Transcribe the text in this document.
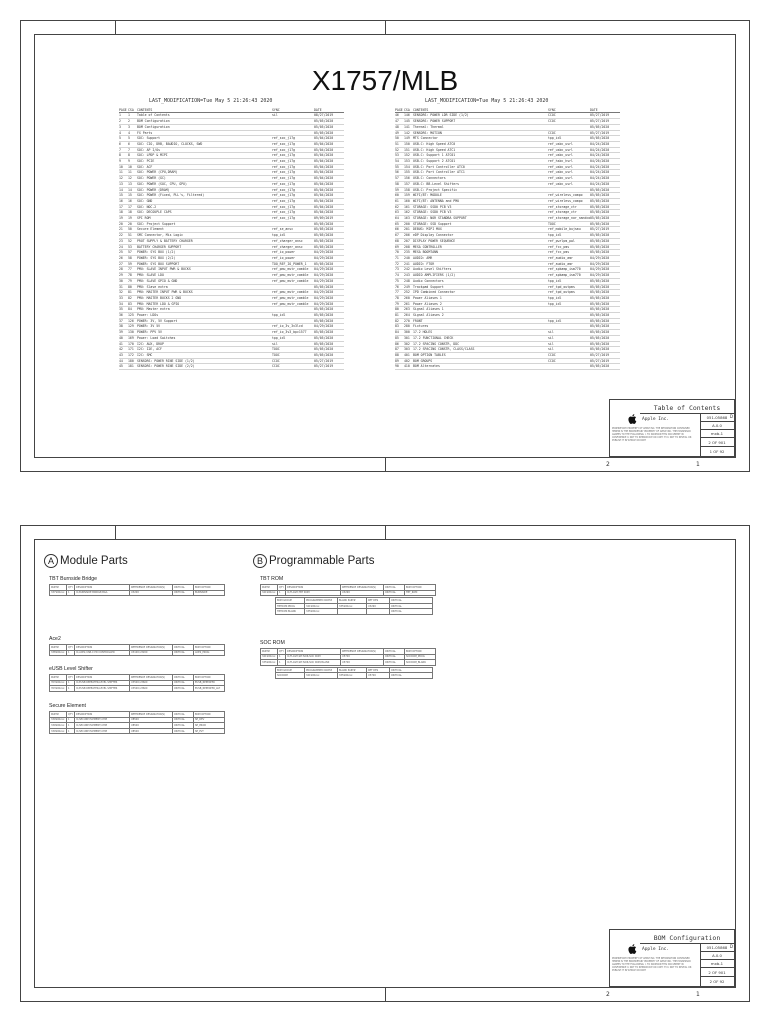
2	1
X1757/MLB
LAST_MODIFICATION=Tue May 5 21:26:43 2020
PAGE CSA	CONTENTS	SYNC	DATE
1	1	Table of Contents	sil	08/27/2019
2	2	BOM Configuration	05/05/2020
3	3	BOM Configuration	05/05/2020
4	4	FX Parts	05/05/2020
5	5	SOC: Support	ref_soc_j17g	05/04/2020
6	6	SOC: CIO, DRB, BAUDIO, CLOCKS, SWD	ref_soc_j17g	05/04/2020
7	7	SOC: AP I/Os	ref_soc_j17g	05/04/2020
8	8	SOC: LPDP & MIPI	ref_soc_j17g	05/04/2020
9	9	SOC: PCIE	ref_soc_j17g	05/04/2020
10	10	SOC: ACF	ref_soc_j17g	05/04/2020
11	11	SOC: POWER (CPU,DRAM)	ref_soc_j17g	05/04/2020
12	12	SOC: POWER (GC)	ref_soc_j17g	05/04/2020
13	13	SOC: POWER (SOC, CPU, GPU)	ref_soc_j17g	05/04/2020
14	14	SOC: POWER (DRAM)	ref_soc_j17g	05/04/2020
15	15	SOC: POWER (Fixed, PLL's, Filtered)	ref_soc_j17g	05/04/2020
16	16	SOC: GND	ref_soc_j17g	05/04/2020
17	17	SOC: NOC-2	ref_soc_j17g	05/04/2020
18	18	SOC: DECOUPLE CAPS	ref_soc_j17g	05/04/2020
19	19	SPI ROM	ref_soc_j17g	09/09/2019
20	20	SOC: Project Support	05/05/2020
21	50	Secure Element	ref_se_ansc	05/05/2020
22	51	SMC Connector, Mis Logic	tpp_idl	05/05/2020
23	52	PROT SUPPLY & BATTERY CHARGER	ref_charger_ansc	05/05/2020
24	53	BATTERY CHARGER SUPPORT	ref_charger_ansc	05/05/2020
25	57	POWER: SYS BUX (1/2)	ref_io_power	04/29/2020
26	58	POWER: SYS BUX (2/2)	ref_io_power	04/29/2020
27	59	POWER: SYS BUX SUPPORT	TOO_REF_IO_POWER_1	05/05/2020
28	77	PMU: SLAVE INPUT PWR & BUCKS	ref_pmu_mstr_comble	04/29/2020
29	78	PMU: SLAVE LDO	ref_pmu_mstr_comble	04/29/2020
30	79	PMU: SLAVE GPIO & GND	ref_pmu_mstr_comble	04/29/2020
31	80	PMU: Slave extra	05/05/2020
32	81	PMU: MASTER INPUT PWR & BUCKS	ref_pmu_mstr_comble	04/29/2020
33	82	PMU: MASTER BUCKS 2 GND	ref_pmu_mstr_comble	04/29/2020
34	83	PMU: MASTER LDO & GPIO	ref_pmu_mstr_comble	04/29/2020
35	84	PMU: Master extra	05/05/2020
36	125	Power: LDOs	tpp_idl	05/05/2020
37	126	POWER: 3V, 5V Support	05/05/2020
38	129	POWER: 3V 5V	ref_io_3v_3v3lcd	04/29/2020
39	130	POWER: PPV 5V	ref_io_3v3_bpc1577	05/05/2020
40	169	Power: Load Switches	tpp_idl	05/05/2020
41	170	I2C: AUX, DROP	sil	05/05/2020
42	171	I2C: I2E, ACF	TOOC	05/05/2020
43	172	I2C: SMC	TOOC	05/05/2020
44	180	SENSORS: POWER RINE SIDE (1/2)	CCOC	05/27/2019
45	181	SENSORS: POWER RINE SIDE (2/2)	CCOC	05/27/2019
LAST_MODIFICATION=Tue May 5 21:26:43 2020
PAGE CSA	CONTENTS	SYNC	DATE
46	146	SENSORS: POWER LDR SIDE (1/2)	CCOC	05/27/2019
47	145	SENSORS: POWER SUPPORT	CCOC	05/27/2019
48	141	Thermal: Thermal	05/05/2020
49	142	SENSORS: MOTION	CCOC	05/27/2019
50	149	MTS Connector	tpp_idl	05/05/2020
51	150	USB-C: High Speed ATC0	ref_usbc_usrl	04/24/2020
52	151	USB-C: High Speed ATC1	ref_usbc_usrl	04/24/2020
53	152	USB-C: Support 1 ATC01	ref_usbc_usrl	04/24/2020
54	153	USB-C: Support 2 ATC01	ref_hsbc_hsrl	04/26/2020
55	154	USB-C: Port Controller ATC0	ref_usbc_usrl	04/24/2020
56	155	USB-C: Port Controller ATC1	ref_usbc_usrl	04/24/2020
57	156	USB-C: Connectors	ref_usbc_usrl	04/24/2020
58	157	USB-C: BB-Level Shifters	ref_usbc_usrl	04/24/2020
59	158	USB-C: Project Specific	05/05/2020
60	159	WIFI/BT: MODULE	ref_wireless_compo	05/05/2020
61	160	WIFI/BT: ANTENNA and PMU	ref_wireless_compo	05/05/2020
62	161	STORAGE: SSD0 PCB V3	ref_storage_ctr	05/05/2020
63	162	STORAGE: SSD0 PCB V3	ref_storage_ctr	05/05/2020
64	163	STORAGE: NOR STANDBA SUPPORT	ref_storage_nor_nandco 05/05/2020
65	200	STORAGE: SSD Support	TOOC	05/05/2020
66	201	DEBUG: MIPI MUX	ref_mobile_bujsmu	05/27/2019
67	206	eDP Display Connector	tpp_idl	05/05/2020
68	207	DISPLAY POWER SEQUENCE	ref_pwrlpm_pwl	05/05/2020
69	208	MESA CONTROLLER	ref_fcc_pms	05/05/2020
70	235	MESA BOOMTANN	ref_fcc_pms	05/05/2020
71	240	AUDIO: AMR	ref_audio_amr	04/29/2020
72	241	AUDIO: FTOR	ref_audio_amr	04/29/2020
73	242	Audio Level Shifters	ref_spkamp_ism770	04/29/2020
74	243	AUDIO AMPLIFIERS (1/2)	ref_spkamp_ism770	04/29/2020
75	248	Audio Connectors	tpp_idl	05/05/2020
76	249	Trackpad Support	ref_tpd_outpms	05/05/2020
77	252	IPD Combined Connector	ref_tpd_outpms	05/05/2020
78	260	Power Aliases 1	tpp_idl	05/05/2020
79	261	Power Aliases 2	tpp_idl	05/05/2020
80	263	Signal Aliases 1	05/05/2020
81	264	Signal Aliases 2	05/05/2020
82	270	FRONT	tpp_idl	05/05/2020
83	280	Fixtures	05/05/2020
84	300	17.2 HOLES	sil	05/05/2020
85	301	17.2 FUNCTIONAL CHECK	sil	05/05/2020
86	302	17.2 SPACING CONSTR, DDC	sil	05/05/2020
87	303	17.2 SPACING CONSTR, CLASS/CLASS	sil	05/05/2020
88	401	BOM OPTION TABLES	CCOC	05/27/2019
89	402	BOM GROUPS	CCOC	05/27/2019
90	410	BOM Alternates	05/05/2020

Table of Contents
Apple Inc.
PROPRIETARY PROPERTY OF APPLE INC. THE INFORMATION CONTAINED HEREIN IS THE PROPRIETARY PROPERTY OF APPLE INC. THE POSSESSOR AGREES TO THE FOLLOWING: I. TO MAINTAIN THIS DOCUMENT IN CONFIDENCE II. NOT TO REPRODUCE OR COPY IT III. NOT TO REVEAL OR PUBLISH IT IN WHOLE OR PART
051-05868
A.0.0
mxb-1
2 OF 901
1 OF 92
D
2	1
A Module Parts	B Programmable Parts
TBT Burnside Bridge
PART#	QTY	DESCRIPTION	REFERENCE DESIGNATOR(S)	CRITICAL	BOM OPTION
337S00xxx	1	IC,BURNSIDE BRIDGE,BGA	U3200	CRITICAL	BURNSIDE
Ace2
PART#	QTY	DESCRIPTION	REFERENCE DESIGNATOR(S)	CRITICAL	BOM OPTION
338S00xxx	1	IC,ACE2,USB-C PD CONTROLLER	U3100,U3200	CRITICAL	ACE2_PROG
eUSB Level Shifter
PART#	QTY	DESCRIPTION	REFERENCE DESIGNATOR(S)	CRITICAL	BOM OPTION
353S00xxx	1	IC,EUSB REPEATER,LEVEL SHIFTER	U3500,U3600	CRITICAL	EUSB_REPEATER
353S00xxx	1	IC,EUSB REPEATER,LEVEL SHIFTER	U3500,U3600	CRITICAL	EUSB_REPEATER_ALT
Secure Element
PART#	QTY	DESCRIPTION	REFERENCE DESIGNATOR(S)	CRITICAL	BOM OPTION
339S00xxx	1	IC,SECURE ELEMENT,CHIP	U8500	CRITICAL	SE_DEV
339S00xxx	1	IC,SECURE ELEMENT,CHIP	U8500	CRITICAL	SE_PROD
339S00xxx	1	IC,SECURE ELEMENT,CHIP	U8500	CRITICAL	SE_PVT
TBT ROM
PART#	QTY	DESCRIPTION	REFERENCE DESIGNATOR(S)	CRITICAL	BOM OPTION
341S00xxx	1	IC,FLASH,TBT ROM	U3290	CRITICAL	TBT_ROM
BOM GROUP	PROGRAMMED PART#	BLANK PART#	REF DES	CRITICAL
TBTROM:PROG	341S00xxx	335S00xxx	U3290	CRITICAL
TBTROM:BLANK	335S00xxx			CRITICAL
SOC ROM
PART#	QTY	DESCRIPTION	REFERENCE DESIGNATOR(S)	CRITICAL	BOM OPTION
341S00xxx	1	IC,FLASH,SPI NOR,SOC ROM	U5700	CRITICAL	SOCROM_PROG
335S00xxx	1	IC,FLASH,SPI NOR,SOC ROM,BLANK	U5700	CRITICAL	SOCROM_BLANK
BOM GROUP	PROGRAMMED PART#	BLANK PART#	REF DES	CRITICAL
SOCROM	341S00xxx	335S00xxx	U5700	CRITICAL

BOM Configuration
Apple Inc.
PROPRIETARY PROPERTY OF APPLE INC. THE INFORMATION CONTAINED HEREIN IS THE PROPRIETARY PROPERTY OF APPLE INC. THE POSSESSOR AGREES TO THE FOLLOWING: I. TO MAINTAIN THIS DOCUMENT IN CONFIDENCE II. NOT TO REPRODUCE OR COPY IT III. NOT TO REVEAL OR PUBLISH IT IN WHOLE OR PART
051-05868
A.0.0
mxb-1
2 OF 901
2 OF 92
D
